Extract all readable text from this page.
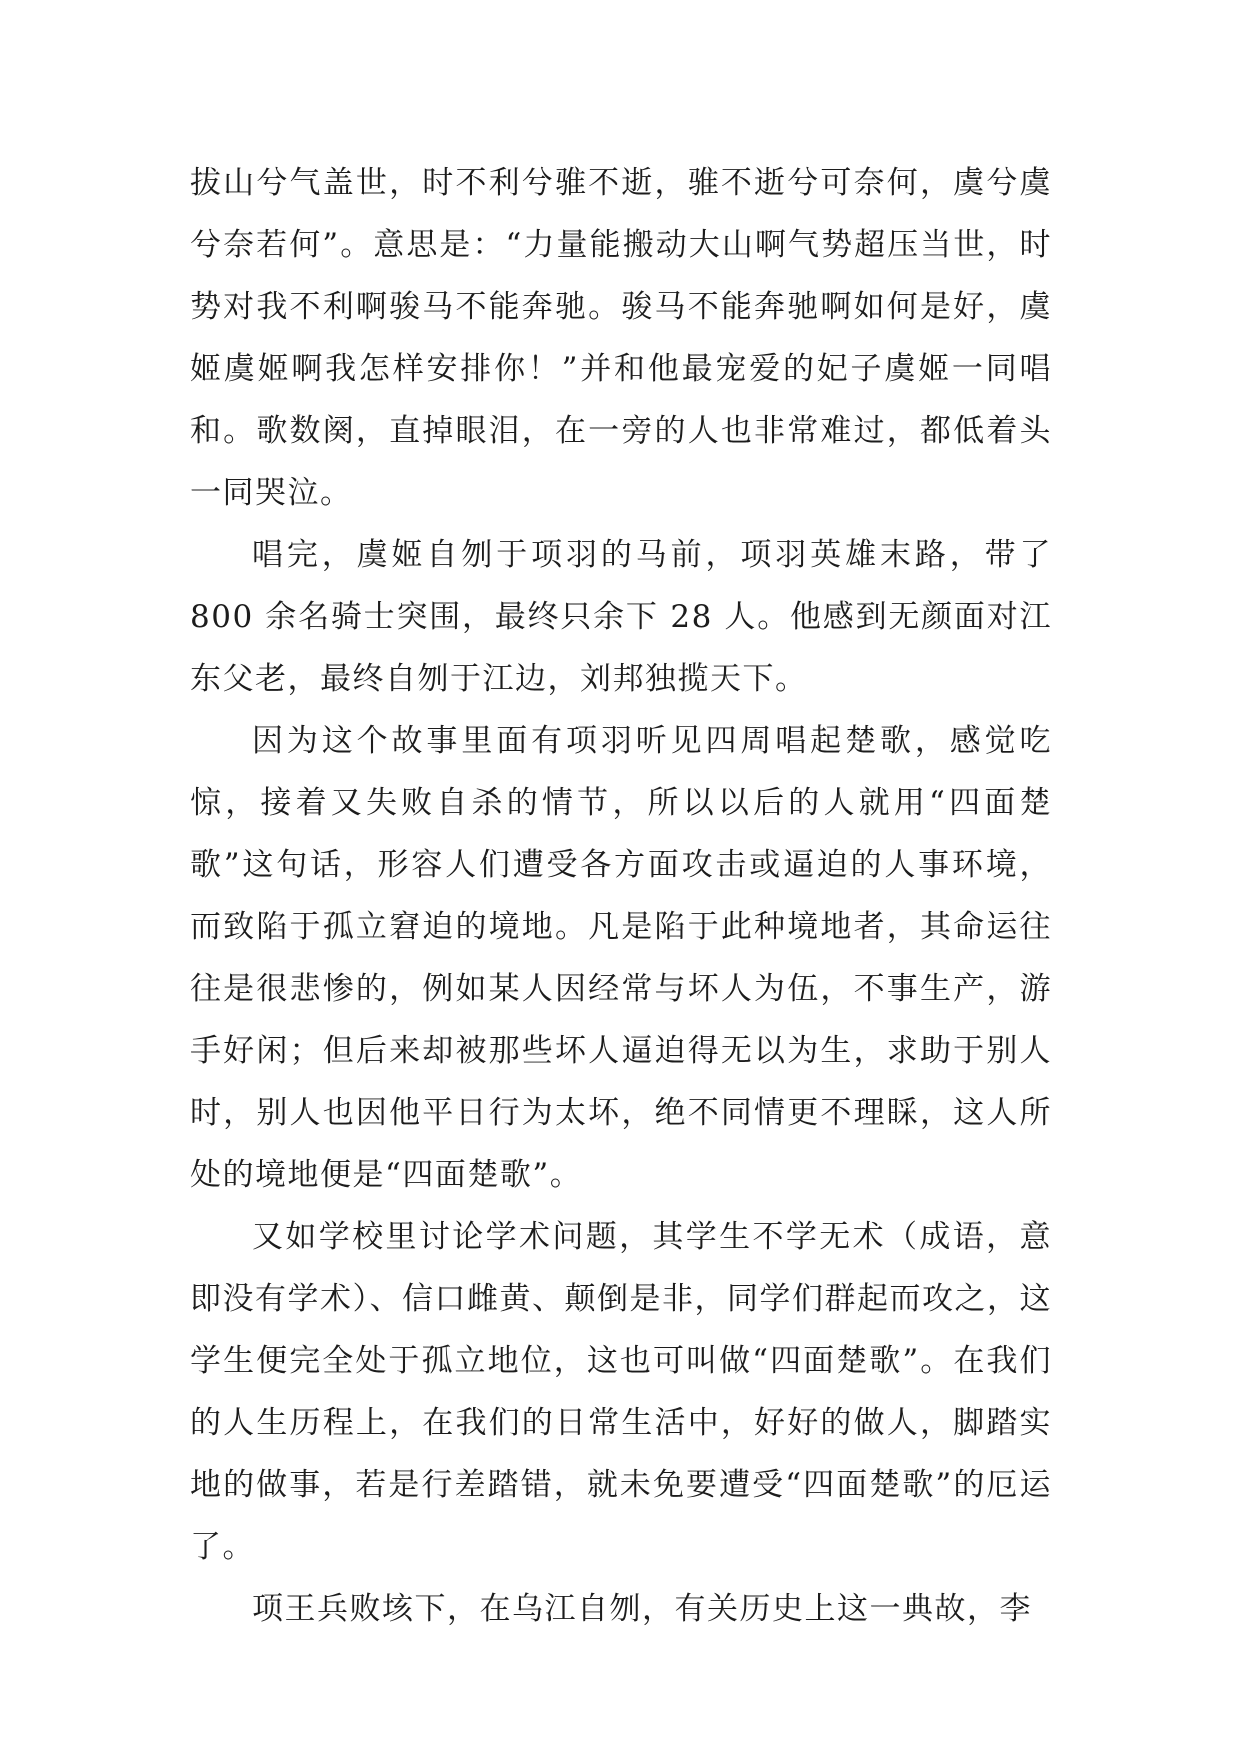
拔山兮气盖世，时不利兮骓不逝，骓不逝兮可奈何，虞兮虞兮奈若何”。意思是：“力量能搬动大山啊气势超压当世，时势对我不利啊骏马不能奔驰。骏马不能奔驰啊如何是好，虞姬虞姬啊我怎样安排你！”并和他最宠爱的妃子虞姬一同唱和。歌数阕，直掉眼泪，在一旁的人也非常难过，都低着头一同哭泣。

唱完，虞姬自刎于项羽的马前，项羽英雄末路，带了 800 余名骑士突围，最终只余下 28 人。他感到无颜面对江东父老，最终自刎于江边，刘邦独揽天下。

因为这个故事里面有项羽听见四周唱起楚歌，感觉吃惊，接着又失败自杀的情节，所以以后的人就用“四面楚歌”这句话，形容人们遭受各方面攻击或逼迫的人事环境，而致陷于孤立窘迫的境地。凡是陷于此种境地者，其命运往往是很悲惨的，例如某人因经常与坏人为伍，不事生产，游手好闲；但后来却被那些坏人逼迫得无以为生，求助于别人时，别人也因他平日行为太坏，绝不同情更不理睬，这人所处的境地便是“四面楚歌”。

又如学校里讨论学术问题，其学生不学无术（成语，意即没有学术）、信口雌黄、颠倒是非，同学们群起而攻之，这学生便完全处于孤立地位，这也可叫做“四面楚歌”。在我们的人生历程上，在我们的日常生活中，好好的做人，脚踏实地的做事，若是行差踏错，就未免要遭受“四面楚歌”的厄运了。

项王兵败垓下，在乌江自刎，有关历史上这一典故，李
